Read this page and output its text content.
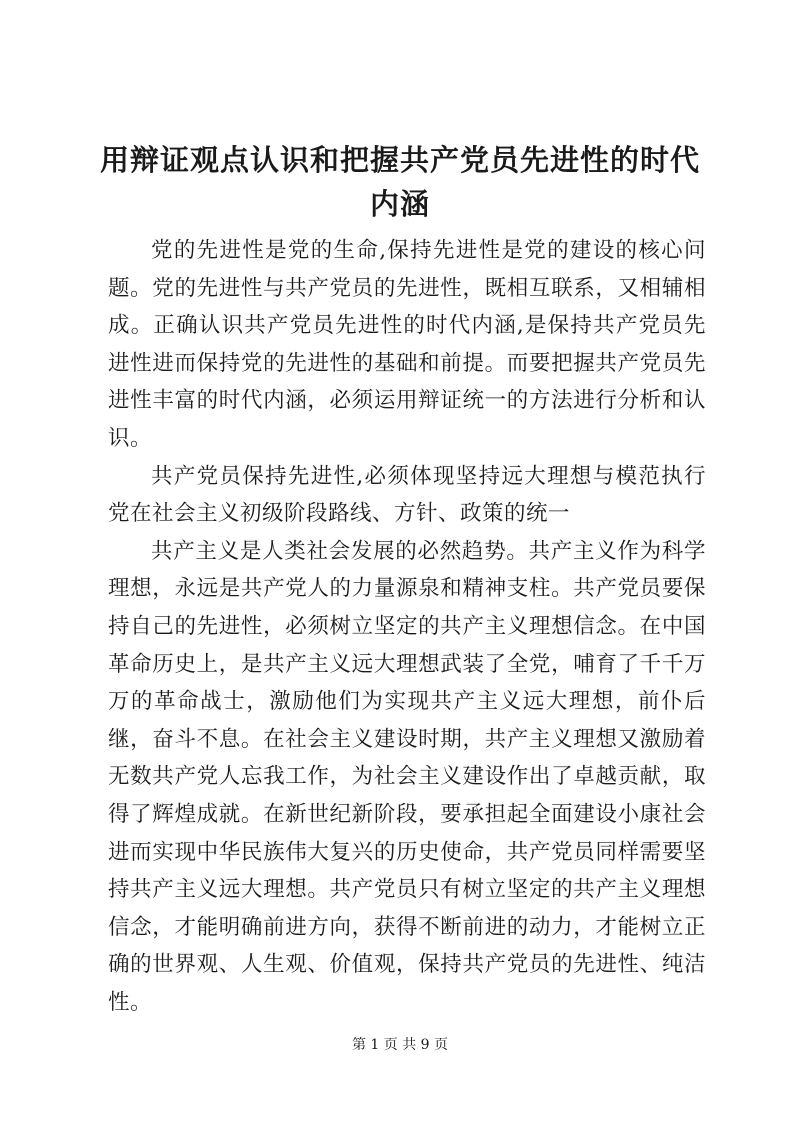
用辩证观点认识和把握共产党员先进性的时代内涵

党的先进性是党的生命,保持先进性是党的建设的核心问题。党的先进性与共产党员的先进性，既相互联系，又相辅相成。正确认识共产党员先进性的时代内涵,是保持共产党员先进性进而保持党的先进性的基础和前提。而要把握共产党员先进性丰富的时代内涵，必须运用辩证统一的方法进行分析和认识。

共产党员保持先进性,必须体现坚持远大理想与模范执行党在社会主义初级阶段路线、方针、政策的统一

共产主义是人类社会发展的必然趋势。共产主义作为科学理想，永远是共产党人的力量源泉和精神支柱。共产党员要保持自己的先进性，必须树立坚定的共产主义理想信念。在中国革命历史上，是共产主义远大理想武装了全党，哺育了千千万万的革命战士，激励他们为实现共产主义远大理想，前仆后继，奋斗不息。在社会主义建设时期，共产主义理想又激励着无数共产党人忘我工作，为社会主义建设作出了卓越贡献，取得了辉煌成就。在新世纪新阶段，要承担起全面建设小康社会进而实现中华民族伟大复兴的历史使命，共产党员同样需要坚持共产主义远大理想。共产党员只有树立坚定的共产主义理想信念，才能明确前进方向，获得不断前进的动力，才能树立正确的世界观、人生观、价值观，保持共产党员的先进性、纯洁性。

第 1 页 共 9 页
